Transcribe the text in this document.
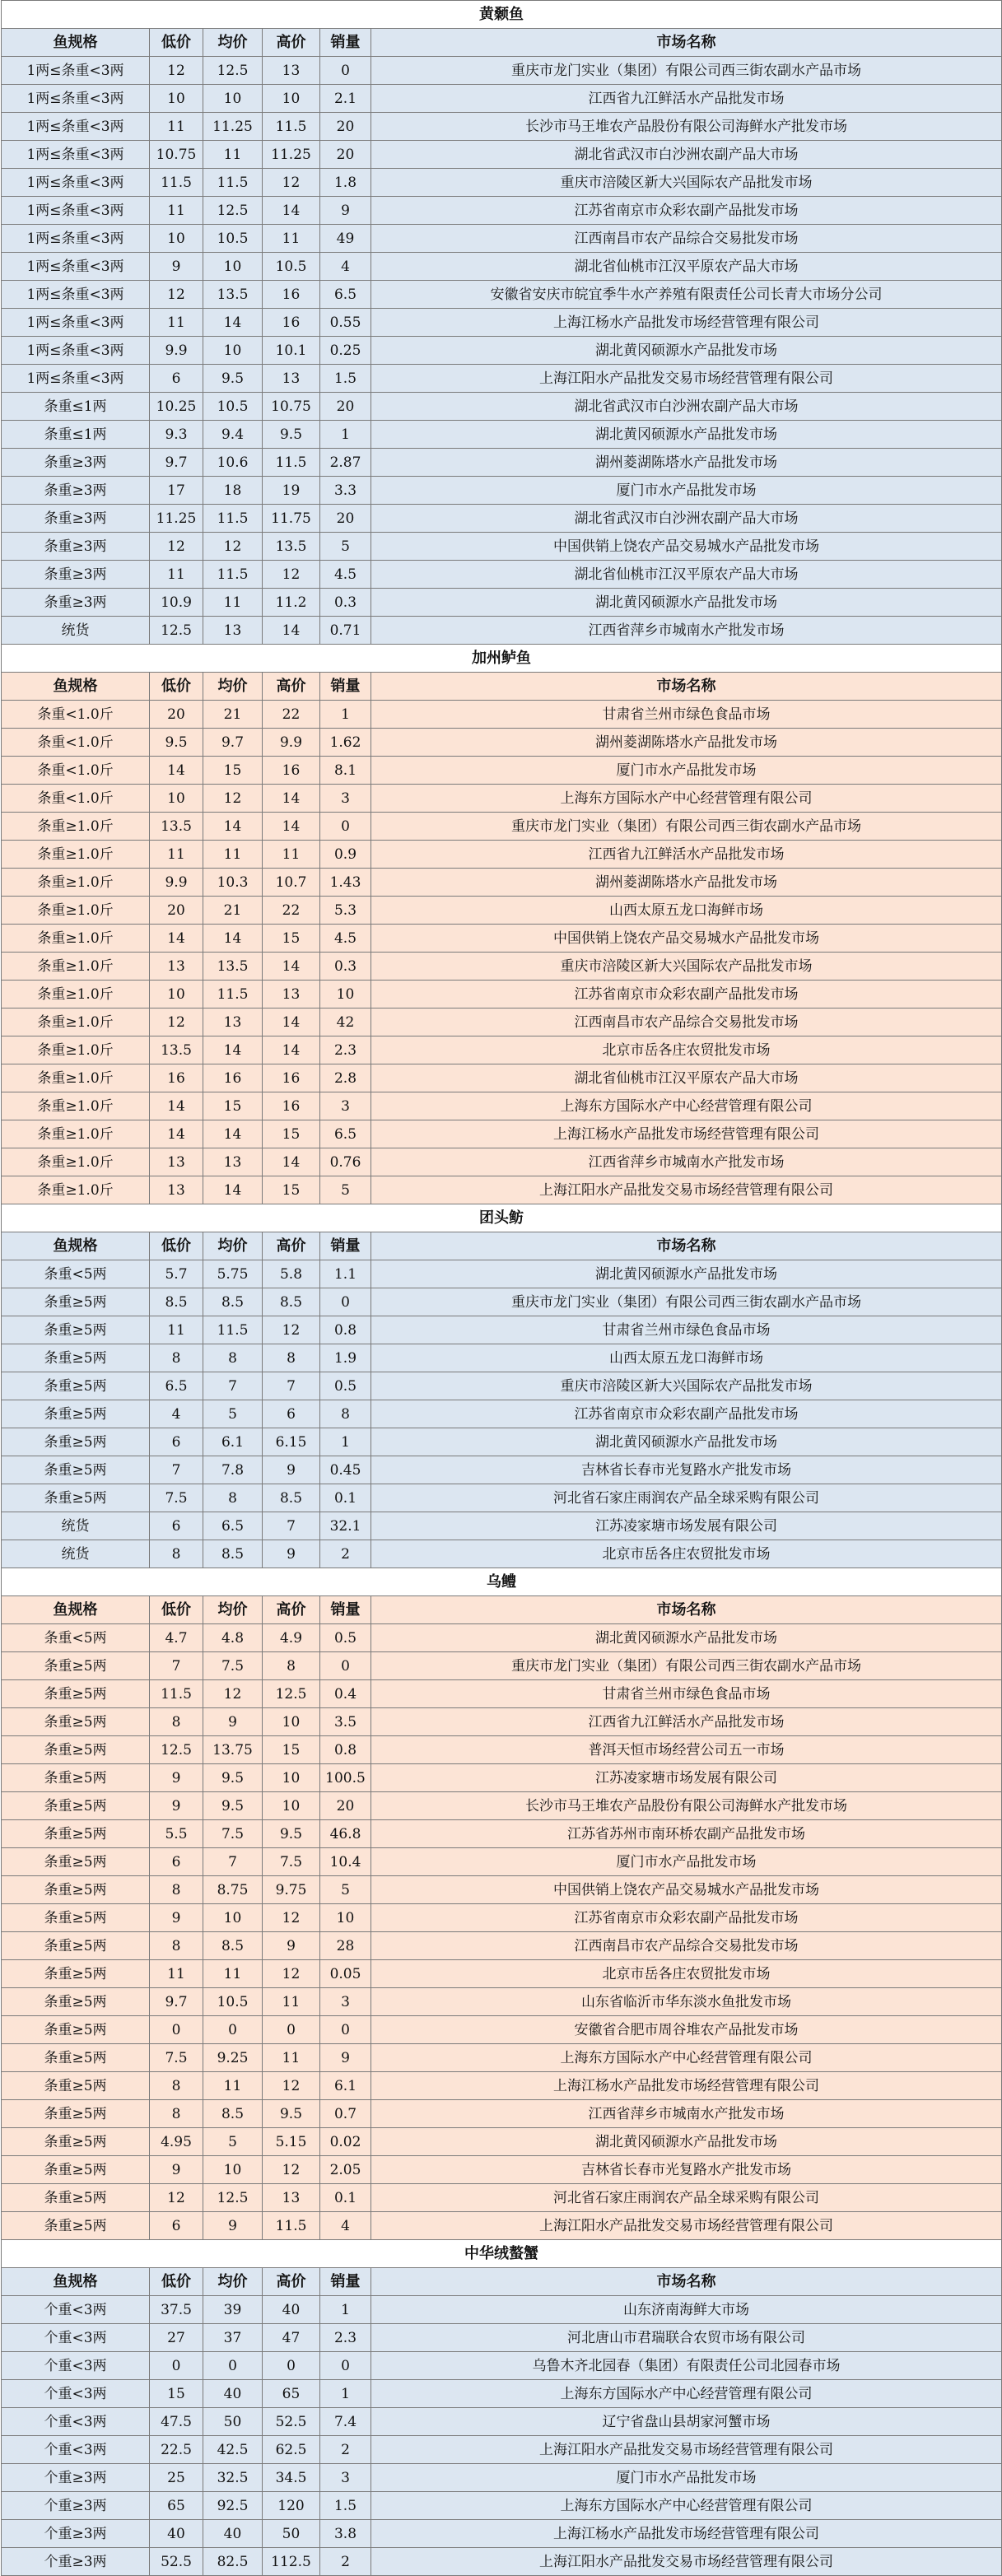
黄颡鱼					
鱼规格	低价	均价	高价	销量	市场名称
1两≤条重<3两	12	12.5	13	0	重庆市龙门实业（集团）有限公司西三街农副水产品市场
1两≤条重<3两	10	10	10	2.1	江西省九江鲜活水产品批发市场
1两≤条重<3两	11	11.25	11.5	20	长沙市马王堆农产品股份有限公司海鲜水产批发市场
1两≤条重<3两	10.75	11	11.25	20	湖北省武汉市白沙洲农副产品大市场
1两≤条重<3两	11.5	11.5	12	1.8	重庆市涪陵区新大兴国际农产品批发市场
1两≤条重<3两	11	12.5	14	9	江苏省南京市众彩农副产品批发市场
1两≤条重<3两	10	10.5	11	49	江西南昌市农产品综合交易批发市场
1两≤条重<3两	9	10	10.5	4	湖北省仙桃市江汉平原农产品大市场
1两≤条重<3两	12	13.5	16	6.5	安徽省安庆市皖宜季牛水产养殖有限责任公司长青大市场分公司
1两≤条重<3两	11	14	16	0.55	上海江杨水产品批发市场经营管理有限公司
1两≤条重<3两	9.9	10	10.1	0.25	湖北黄冈硕源水产品批发市场
1两≤条重<3两	6	9.5	13	1.5	上海江阳水产品批发交易市场经营管理有限公司
条重≤1两	10.25	10.5	10.75	20	湖北省武汉市白沙洲农副产品大市场
条重≤1两	9.3	9.4	9.5	1	湖北黄冈硕源水产品批发市场
条重≥3两	9.7	10.6	11.5	2.87	湖州菱湖陈塔水产品批发市场
条重≥3两	17	18	19	3.3	厦门市水产品批发市场
条重≥3两	11.25	11.5	11.75	20	湖北省武汉市白沙洲农副产品大市场
条重≥3两	12	12	13.5	5	中国供销上饶农产品交易城水产品批发市场
条重≥3两	11	11.5	12	4.5	湖北省仙桃市江汉平原农产品大市场
条重≥3两	10.9	11	11.2	0.3	湖北黄冈硕源水产品批发市场
统货	12.5	13	14	0.71	江西省萍乡市城南水产批发市场
加州鲈鱼					
鱼规格	低价	均价	高价	销量	市场名称
条重<1.0斤	20	21	22	1	甘肃省兰州市绿色食品市场
条重<1.0斤	9.5	9.7	9.9	1.62	湖州菱湖陈塔水产品批发市场
条重<1.0斤	14	15	16	8.1	厦门市水产品批发市场
条重<1.0斤	10	12	14	3	上海东方国际水产中心经营管理有限公司
条重≥1.0斤	13.5	14	14	0	重庆市龙门实业（集团）有限公司西三街农副水产品市场
条重≥1.0斤	11	11	11	0.9	江西省九江鲜活水产品批发市场
条重≥1.0斤	9.9	10.3	10.7	1.43	湖州菱湖陈塔水产品批发市场
条重≥1.0斤	20	21	22	5.3	山西太原五龙口海鲜市场
条重≥1.0斤	14	14	15	4.5	中国供销上饶农产品交易城水产品批发市场
条重≥1.0斤	13	13.5	14	0.3	重庆市涪陵区新大兴国际农产品批发市场
条重≥1.0斤	10	11.5	13	10	江苏省南京市众彩农副产品批发市场
条重≥1.0斤	12	13	14	42	江西南昌市农产品综合交易批发市场
条重≥1.0斤	13.5	14	14	2.3	北京市岳各庄农贸批发市场
条重≥1.0斤	16	16	16	2.8	湖北省仙桃市江汉平原农产品大市场
条重≥1.0斤	14	15	16	3	上海东方国际水产中心经营管理有限公司
条重≥1.0斤	14	14	15	6.5	上海江杨水产品批发市场经营管理有限公司
条重≥1.0斤	13	13	14	0.76	江西省萍乡市城南水产批发市场
条重≥1.0斤	13	14	15	5	上海江阳水产品批发交易市场经营管理有限公司
团头鲂					
鱼规格	低价	均价	高价	销量	市场名称
条重<5两	5.7	5.75	5.8	1.1	湖北黄冈硕源水产品批发市场
条重≥5两	8.5	8.5	8.5	0	重庆市龙门实业（集团）有限公司西三街农副水产品市场
条重≥5两	11	11.5	12	0.8	甘肃省兰州市绿色食品市场
条重≥5两	8	8	8	1.9	山西太原五龙口海鲜市场
条重≥5两	6.5	7	7	0.5	重庆市涪陵区新大兴国际农产品批发市场
条重≥5两	4	5	6	8	江苏省南京市众彩农副产品批发市场
条重≥5两	6	6.1	6.15	1	湖北黄冈硕源水产品批发市场
条重≥5两	7	7.8	9	0.45	吉林省长春市光复路水产批发市场
条重≥5两	7.5	8	8.5	0.1	河北省石家庄雨润农产品全球采购有限公司
统货	6	6.5	7	32.1	江苏凌家塘市场发展有限公司
统货	8	8.5	9	2	北京市岳各庄农贸批发市场
乌鳢					
鱼规格	低价	均价	高价	销量	市场名称
条重<5两	4.7	4.8	4.9	0.5	湖北黄冈硕源水产品批发市场
条重≥5两	7	7.5	8	0	重庆市龙门实业（集团）有限公司西三街农副水产品市场
条重≥5两	11.5	12	12.5	0.4	甘肃省兰州市绿色食品市场
条重≥5两	8	9	10	3.5	江西省九江鲜活水产品批发市场
条重≥5两	12.5	13.75	15	0.8	普洱天恒市场经营公司五一市场
条重≥5两	9	9.5	10	100.5	江苏凌家塘市场发展有限公司
条重≥5两	9	9.5	10	20	长沙市马王堆农产品股份有限公司海鲜水产批发市场
条重≥5两	5.5	7.5	9.5	46.8	江苏省苏州市南环桥农副产品批发市场
条重≥5两	6	7	7.5	10.4	厦门市水产品批发市场
条重≥5两	8	8.75	9.75	5	中国供销上饶农产品交易城水产品批发市场
条重≥5两	9	10	12	10	江苏省南京市众彩农副产品批发市场
条重≥5两	8	8.5	9	28	江西南昌市农产品综合交易批发市场
条重≥5两	11	11	12	0.05	北京市岳各庄农贸批发市场
条重≥5两	9.7	10.5	11	3	山东省临沂市华东淡水鱼批发市场
条重≥5两	0	0	0	0	安徽省合肥市周谷堆农产品批发市场
条重≥5两	7.5	9.25	11	9	上海东方国际水产中心经营管理有限公司
条重≥5两	8	11	12	6.1	上海江杨水产品批发市场经营管理有限公司
条重≥5两	8	8.5	9.5	0.7	江西省萍乡市城南水产批发市场
条重≥5两	4.95	5	5.15	0.02	湖北黄冈硕源水产品批发市场
条重≥5两	9	10	12	2.05	吉林省长春市光复路水产批发市场
条重≥5两	12	12.5	13	0.1	河北省石家庄雨润农产品全球采购有限公司
条重≥5两	6	9	11.5	4	上海江阳水产品批发交易市场经营管理有限公司
中华绒螯蟹					
鱼规格	低价	均价	高价	销量	市场名称
个重<3两	37.5	39	40	1	山东济南海鲜大市场
个重<3两	27	37	47	2.3	河北唐山市君瑞联合农贸市场有限公司
个重<3两	0	0	0	0	乌鲁木齐北园春（集团）有限责任公司北园春市场
个重<3两	15	40	65	1	上海东方国际水产中心经营管理有限公司
个重<3两	47.5	50	52.5	7.4	辽宁省盘山县胡家河蟹市场
个重<3两	22.5	42.5	62.5	2	上海江阳水产品批发交易市场经营管理有限公司
个重≥3两	25	32.5	34.5	3	厦门市水产品批发市场
个重≥3两	65	92.5	120	1.5	上海东方国际水产中心经营管理有限公司
个重≥3两	40	40	50	3.8	上海江杨水产品批发市场经营管理有限公司
个重≥3两	52.5	82.5	112.5	2	上海江阳水产品批发交易市场经营管理有限公司
